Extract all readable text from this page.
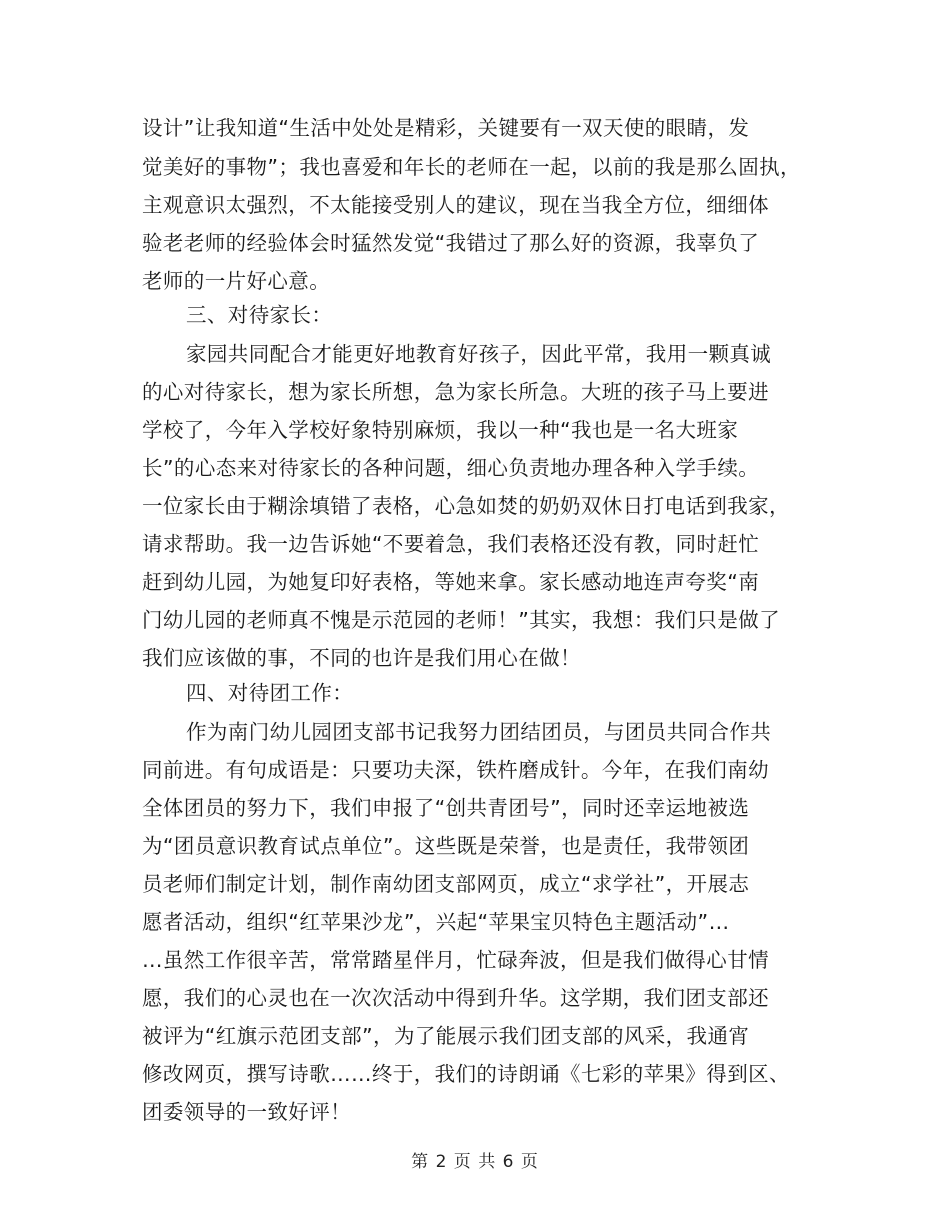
设计”让我知道“生活中处处是精彩，关键要有一双天使的眼睛，发
觉美好的事物”；我也喜爱和年长的老师在一起，以前的我是那么固执，
主观意识太强烈，不太能接受别人的建议，现在当我全方位，细细体
验老老师的经验体会时猛然发觉“我错过了那么好的资源，我辜负了
老师的一片好心意。
三、对待家长：
家园共同配合才能更好地教育好孩子，因此平常，我用一颗真诚
的心对待家长，想为家长所想，急为家长所急。大班的孩子马上要进
学校了，今年入学校好象特别麻烦，我以一种“我也是一名大班家
长”的心态来对待家长的各种问题，细心负责地办理各种入学手续。
一位家长由于糊涂填错了表格，心急如焚的奶奶双休日打电话到我家，
请求帮助。我一边告诉她“不要着急，我们表格还没有教，同时赶忙
赶到幼儿园，为她复印好表格，等她来拿。家长感动地连声夸奖“南
门幼儿园的老师真不愧是示范园的老师！”其实，我想：我们只是做了
我们应该做的事，不同的也许是我们用心在做！
四、对待团工作：
作为南门幼儿园团支部书记我努力团结团员，与团员共同合作共
同前进。有句成语是：只要功夫深，铁杵磨成针。今年，在我们南幼
全体团员的努力下，我们申报了“创共青团号”，同时还幸运地被选
为“团员意识教育试点单位”。这些既是荣誉，也是责任，我带领团
员老师们制定计划，制作南幼团支部网页，成立“求学社”，开展志
愿者活动，组织“红苹果沙龙”，兴起“苹果宝贝特色主题活动”…
…虽然工作很辛苦，常常踏星伴月，忙碌奔波，但是我们做得心甘情
愿，我们的心灵也在一次次活动中得到升华。这学期，我们团支部还
被评为“红旗示范团支部”，为了能展示我们团支部的风采，我通宵
修改网页，撰写诗歌……终于，我们的诗朗诵《七彩的苹果》得到区、
团委领导的一致好评！
第 2 页 共 6 页
